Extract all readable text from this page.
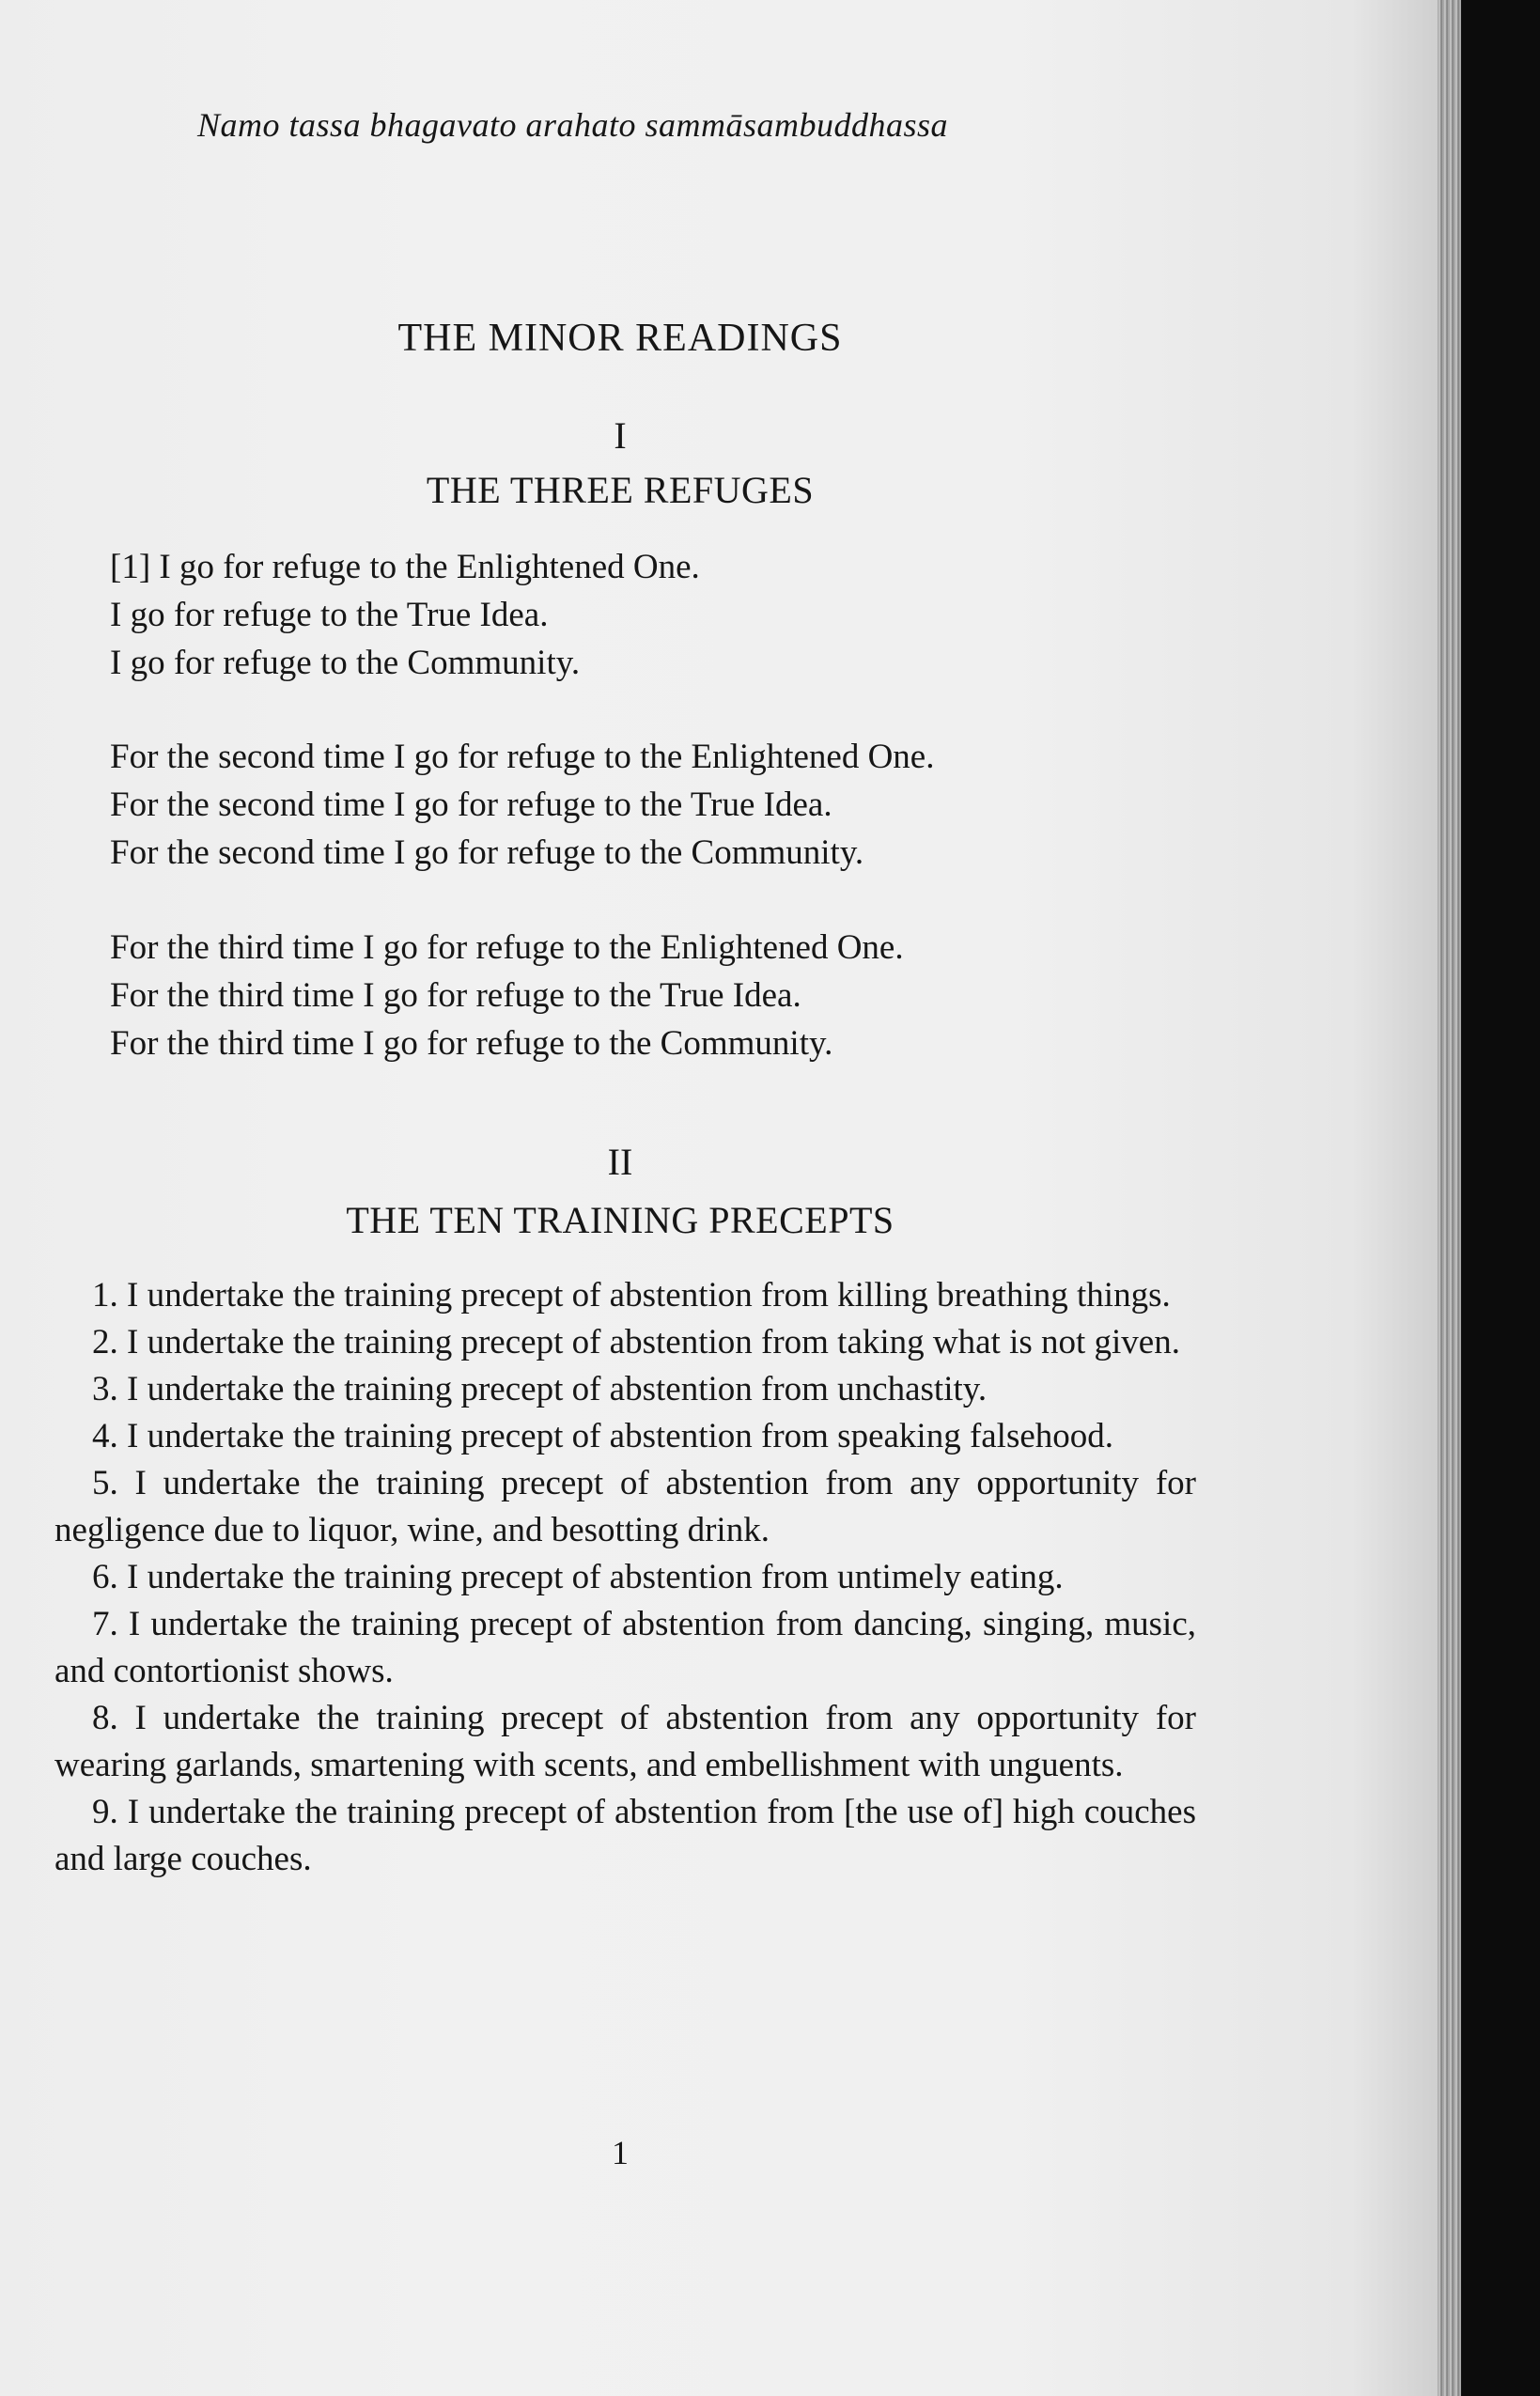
Namo tassa bhagavato arahato sammāsambuddhassa
THE MINOR READINGS
I
THE THREE REFUGES
[1] I go for refuge to the Enlightened One.
I go for refuge to the True Idea.
I go for refuge to the Community.
For the second time I go for refuge to the Enlightened One.
For the second time I go for refuge to the True Idea.
For the second time I go for refuge to the Community.
For the third time I go for refuge to the Enlightened One.
For the third time I go for refuge to the True Idea.
For the third time I go for refuge to the Community.
II
THE TEN TRAINING PRECEPTS

1. I undertake the training precept of abstention from killing breathing things.

2. I undertake the training precept of abstention from taking what is not given.

3. I undertake the training precept of abstention from unchastity.

4. I undertake the training precept of abstention from speaking falsehood.

5. I undertake the training precept of abstention from any opportunity for negligence due to liquor, wine, and besotting drink.

6. I undertake the training precept of abstention from untimely eating.

7. I undertake the training precept of abstention from dancing, singing, music, and contortionist shows.

8. I undertake the training precept of abstention from any opportunity for wearing garlands, smartening with scents, and embellishment with unguents.

9. I undertake the training precept of abstention from [the use of] high couches and large couches.

1
